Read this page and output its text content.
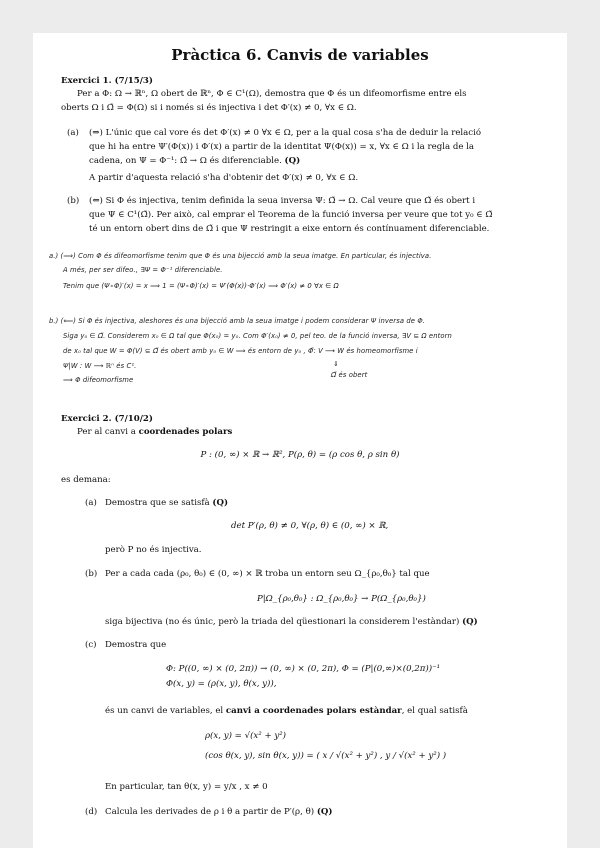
Pràctica 6. Canvis de variables
Exercici 1. (7/15/3)
Per a Φ: Ω → ℝⁿ, Ω obert de ℝⁿ, Φ ∈ C¹(Ω), demostra que Φ és un difeomorfisme entre els
oberts Ω i Ω̃ = Φ(Ω) si i només si és injectiva i det Φ′(x) ≠ 0, ∀x ∈ Ω.
(a) (⇒) L'únic que cal vore és det Φ′(x) ≠ 0 ∀x ∈ Ω, per a la qual cosa s'ha de deduir la relació
que hi ha entre Ψ′(Φ(x)) i Φ′(x) a partir de la identitat Ψ(Φ(x)) = x, ∀x ∈ Ω i la regla de la
cadena, on Ψ = Φ⁻¹: Ω̃ → Ω és diferenciable. (Q)
A partir d'aquesta relació s'ha d'obtenir det Φ′(x) ≠ 0, ∀x ∈ Ω.
(b) (⇐) Si Φ és injectiva, tenim definida la seua inversa Ψ: Ω̃ → Ω. Cal veure que Ω̃ és obert i
que Ψ ∈ C¹(Ω̃). Per això, cal emprar el Teorema de la funció inversa per veure que tot y₀ ∈ Ω̃
té un entorn obert dins de Ω̃ i que Ψ restringit a eixe entorn és contínuament diferenciable.
a.) (⟹) Com Φ és difeomorfisme tenim que Φ és una bijecció amb la seua imatge. En particular, és injectiva.
A més, per ser difeo., ∃Ψ = Φ⁻¹ diferenciable.
Tenim que (Ψ∘Φ)′(x) = x ⟹ 1 = (Ψ∘Φ)′(x) = Ψ′(Φ(x))·Φ′(x) ⟹ Φ′(x) ≠ 0 ∀x ∈ Ω
b.) (⟸) Si Φ és injectiva, aleshores és una bijecció amb la seua imatge i podem considerar Ψ inversa de Φ.
Siga y₀ ∈ Ω̃. Considerem x₀ ∈ Ω tal que Φ(x₀) = y₀. Com Φ′(x₀) ≠ 0, pel teo. de la funció inversa, ∃V ⊆ Ω entorn
de x₀ tal que W = Φ(V) ⊆ Ω̃ és obert amb y₀ ∈ W ⟹ és entorn de y₀ , Φ̃: V ⟶ W és homeomorfisme i
Ψ|W : W ⟶ ℝⁿ és C¹.	⇓
⟹ Φ difeomorfisme
Ω̃ és obert
Exercici 2. (7/10/2)
Per al canvi a coordenades polars
P : (0, ∞) × ℝ → ℝ², P(ρ, θ) = (ρ cos θ, ρ sin θ)
es demana:
(a) Demostra que se satisfà (Q)
det P′(ρ, θ) ≠ 0, ∀(ρ, θ) ∈ (0, ∞) × ℝ,
però P no és injectiva.
(b) Per a cada cada (ρ₀, θ₀) ∈ (0, ∞) × ℝ troba un entorn seu Ω_{ρ₀,θ₀} tal que
P|Ω_{ρ₀,θ₀} : Ω_{ρ₀,θ₀} → P(Ω_{ρ₀,θ₀})
siga bijectiva (no és únic, però la triada del qüestionari la considerem l'estàndar) (Q)
(c) Demostra que
Φ: P((0, ∞) × (0, 2π)) → (0, ∞) × (0, 2π), Φ = (P|(0,∞)×(0,2π))⁻¹
Φ(x, y) = (ρ(x, y), θ(x, y)),
és un canvi de variables, el canvi a coordenades polars estàndar, el qual satisfà
ρ(x, y) = √(x² + y²)
(cos θ(x, y), sin θ(x, y)) = ( x / √(x² + y²) , y / √(x² + y²) )
En particular, tan θ(x, y) = y/x , x ≠ 0
(d) Calcula les derivades de ρ i θ a partir de P′(ρ, θ) (Q)
